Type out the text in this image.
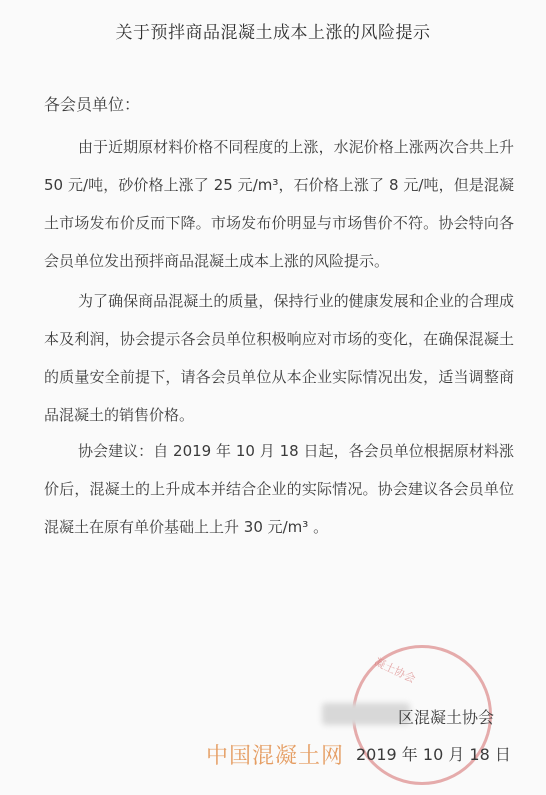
关于预拌商品混凝土成本上涨的风险提示
各会员单位：
由于近期原材料价格不同程度的上涨，水泥价格上涨两次合共上升 50 元/吨，砂价格上涨了 25 元/m³，石价格上涨了 8 元/吨，但是混凝土市场发布价反而下降。市场发布价明显与市场售价不符。协会特向各会员单位发出预拌商品混凝土成本上涨的风险提示。
为了确保商品混凝土的质量，保持行业的健康发展和企业的合理成本及利润，协会提示各会员单位积极响应对市场的变化，在确保混凝土的质量安全前提下，请各会员单位从本企业实际情况出发，适当调整商品混凝土的销售价格。
协会建议：自 2019 年 10 月 18 日起，各会员单位根据原材料涨价后，混凝土的上升成本并结合企业的实际情况。协会建议各会员单位混凝土在原有单价基础上上升 30 元/m³ 。
凝土协会
区混凝土协会
中国混凝土网 2019 年 10 月 18 日
